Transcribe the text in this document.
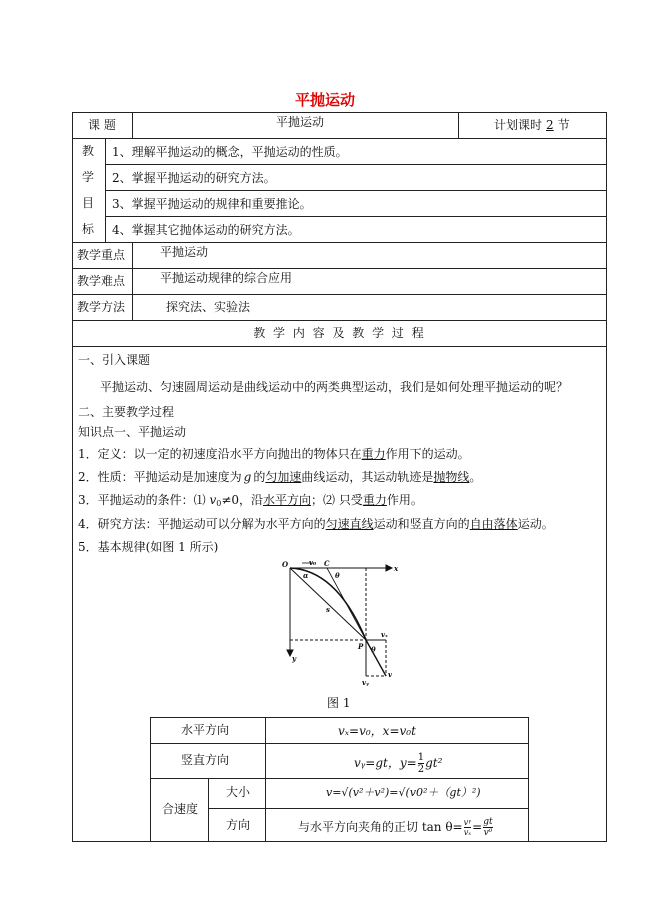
平抛运动
课 题	平抛运动	计划课时 2 节
教
学
目
标
1、理解平抛运动的概念，平抛运动的性质。
2、掌握平抛运动的研究方法。
3、掌握平抛运动的规律和重要推论。
4、掌握其它抛体运动的研究方法。
教学重点	平抛运动
教学难点	平抛运动规律的综合应用
教学方法	探究法、实验法
教 学 内 容 及 教 学 过 程
一、引入课题
平抛运动、匀速圆周运动是曲线运动中的两类典型运动，我们是如何处理平抛运动的呢？
二、主要教学过程
知识点一、平抛运动
1．定义：以一定的初速度沿水平方向抛出的物体只在重力作用下的运动。
2．性质：平抛运动是加速度为 g 的匀加速曲线运动，其运动轨迹是抛物线。
3．平抛运动的条件：⑴ $v_0\ne 0$，沿水平方向；⑵ 只受重力作用。
4．研究方法：平抛运动可以分解为水平方向的匀速直线运动和竖直方向的自由落体运动。
5．基本规律(如图 1 所示)
O	v₀ C
x
α	θ
s
vₓ
P θ
v
y
vᵧ
图 1
水平方向	vₓ=v₀，x=v₀t
竖直方向	vᵧ=gt，$y= \frac{1}{2} gt^2$
合速度
大小	v=√(v²＋v²)=√(v0²＋（gt）²)
方向	与水平方向夹角的正切 $\tan \theta= \frac{\text{vᵞ}}{\text{vₓ}} = \frac{gt}{\text{v⁰}}$
